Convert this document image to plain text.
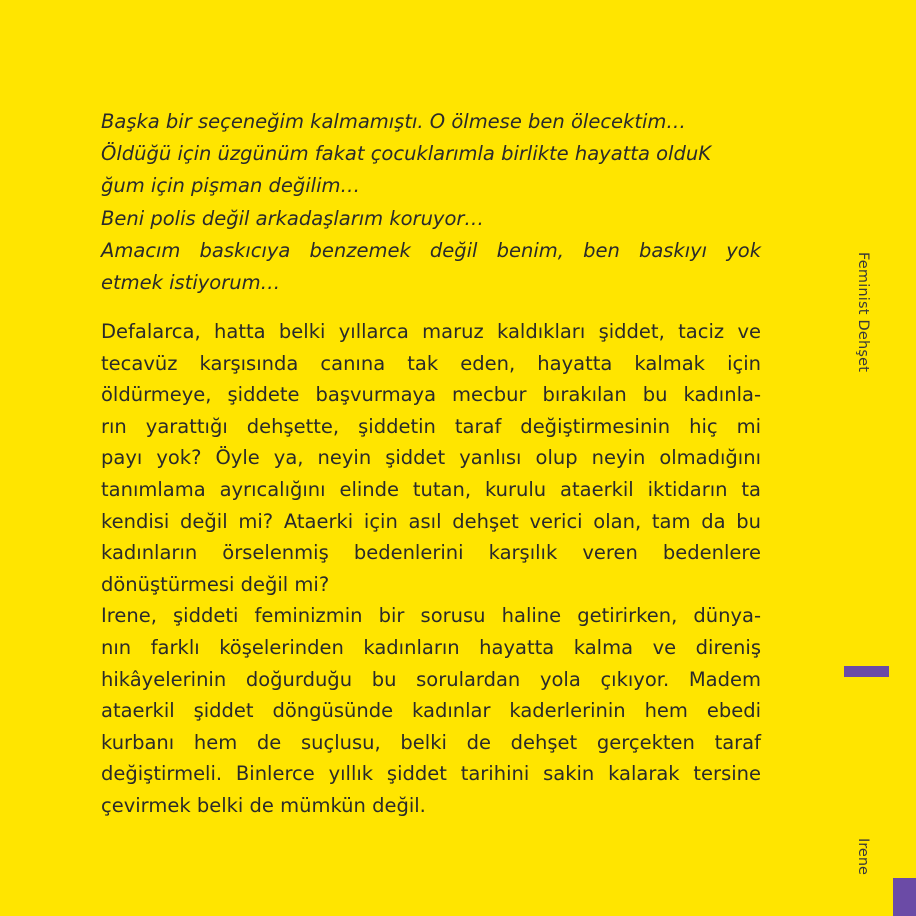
Başka bir seçeneğim kalmamıştı. O ölmese ben ölecektim…
Öldüğü için üzgünüm fakat çocuklarımla birlikte hayatta olduK
ğum için pişman değilim…
Beni polis değil arkadaşlarım koruyor…
Amacım baskıcıya benzemek değil benim, ben baskıyı yok
etmek istiyorum…
Defalarca, hatta belki yıllarca maruz kaldıkları şiddet, taciz ve
tecavüz karşısında canına tak eden, hayatta kalmak için
öldürmeye, şiddete başvurmaya mecbur bırakılan bu kadınla-
rın yarattığı dehşette, şiddetin taraf değiştirmesinin hiç mi
payı yok? Öyle ya, neyin şiddet yanlısı olup neyin olmadığını
tanımlama ayrıcalığını elinde tutan, kurulu ataerkil iktidarın ta
kendisi değil mi? Ataerki için asıl dehşet verici olan, tam da bu
kadınların örselenmiş bedenlerini karşılık veren bedenlere
dönüştürmesi değil mi?
Irene, şiddeti feminizmin bir sorusu haline getirirken, dünya-
nın farklı köşelerinden kadınların hayatta kalma ve direniş
hikâyelerinin doğurduğu bu sorulardan yola çıkıyor. Madem
ataerkil şiddet döngüsünde kadınlar kaderlerinin hem ebedi
kurbanı hem de suçlusu, belki de dehşet gerçekten taraf
değiştirmeli. Binlerce yıllık şiddet tarihini sakin kalarak tersine
çevirmek belki de mümkün değil.
Feminist Dehşet
Irene
